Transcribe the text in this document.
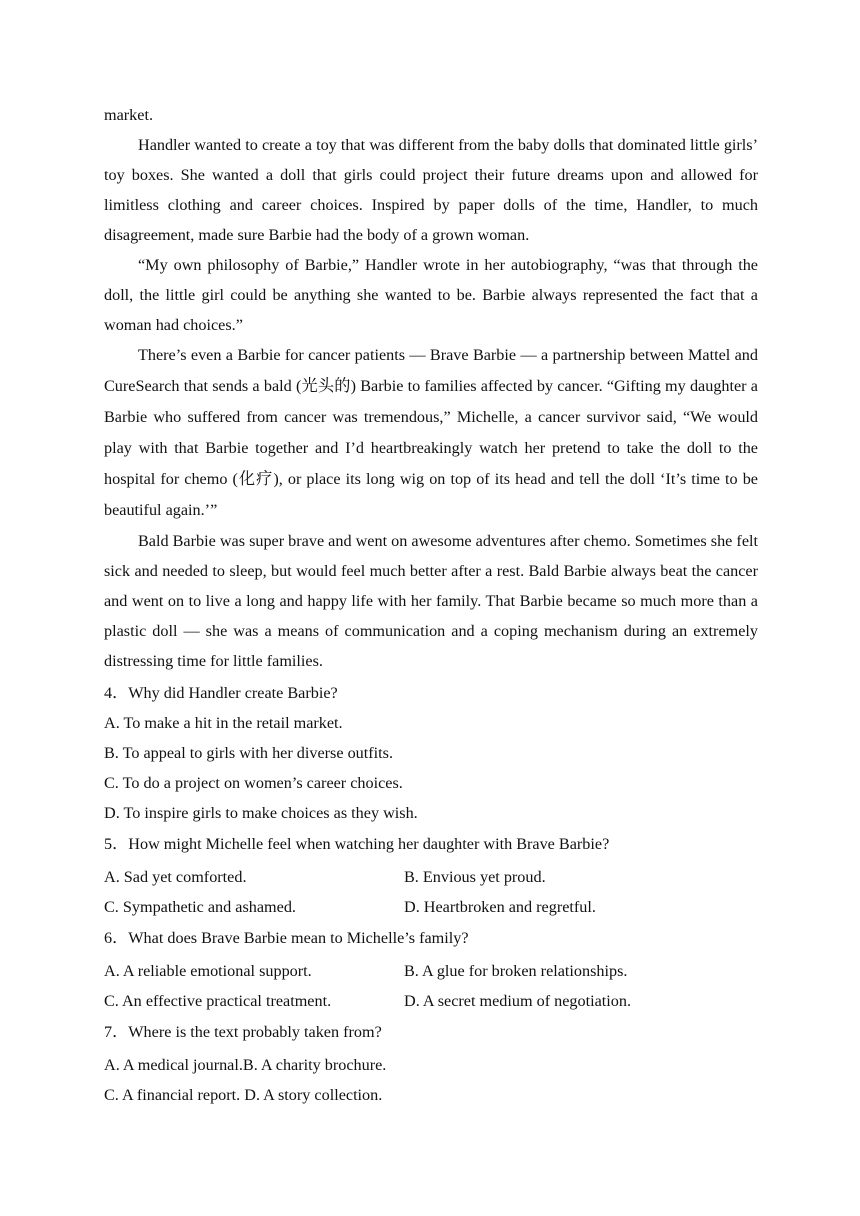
market.

Handler wanted to create a toy that was different from the baby dolls that dominated little girls’ toy boxes. She wanted a doll that girls could project their future dreams upon and allowed for limitless clothing and career choices. Inspired by paper dolls of the time, Handler, to much disagreement, made sure Barbie had the body of a grown woman.

“My own philosophy of Barbie,” Handler wrote in her autobiography, “was that through the doll, the little girl could be anything she wanted to be. Barbie always represented the fact that a woman had choices.”

There’s even a Barbie for cancer patients — Brave Barbie — a partnership between Mattel and CureSearch that sends a bald (光头的) Barbie to families affected by cancer. “Gifting my daughter a Barbie who suffered from cancer was tremendous,” Michelle, a cancer survivor said, “We would play with that Barbie together and I’d heartbreakingly watch her pretend to take the doll to the hospital for chemo (化疗), or place its long wig on top of its head and tell the doll ‘It’s time to be beautiful again.’”

Bald Barbie was super brave and went on awesome adventures after chemo. Sometimes she felt sick and needed to sleep, but would feel much better after a rest. Bald Barbie always beat the cancer and went on to live a long and happy life with her family. That Barbie became so much more than a plastic doll — she was a means of communication and a coping mechanism during an extremely distressing time for little families.

4．Why did Handler create Barbie?
A. To make a hit in the retail market.
B. To appeal to girls with her diverse outfits.
C. To do a project on women’s career choices.
D. To inspire girls to make choices as they wish.
5．How might Michelle feel when watching her daughter with Brave Barbie?
A. Sad yet comforted.	B. Envious yet proud.
C. Sympathetic and ashamed.	D. Heartbroken and regretful.
6．What does Brave Barbie mean to Michelle’s family?
A. A reliable emotional support.	B. A glue for broken relationships.
C. An effective practical treatment.	D. A secret medium of negotiation.
7．Where is the text probably taken from?
A. A medical journal. B. A charity brochure.
C. A financial report. D. A story collection.
